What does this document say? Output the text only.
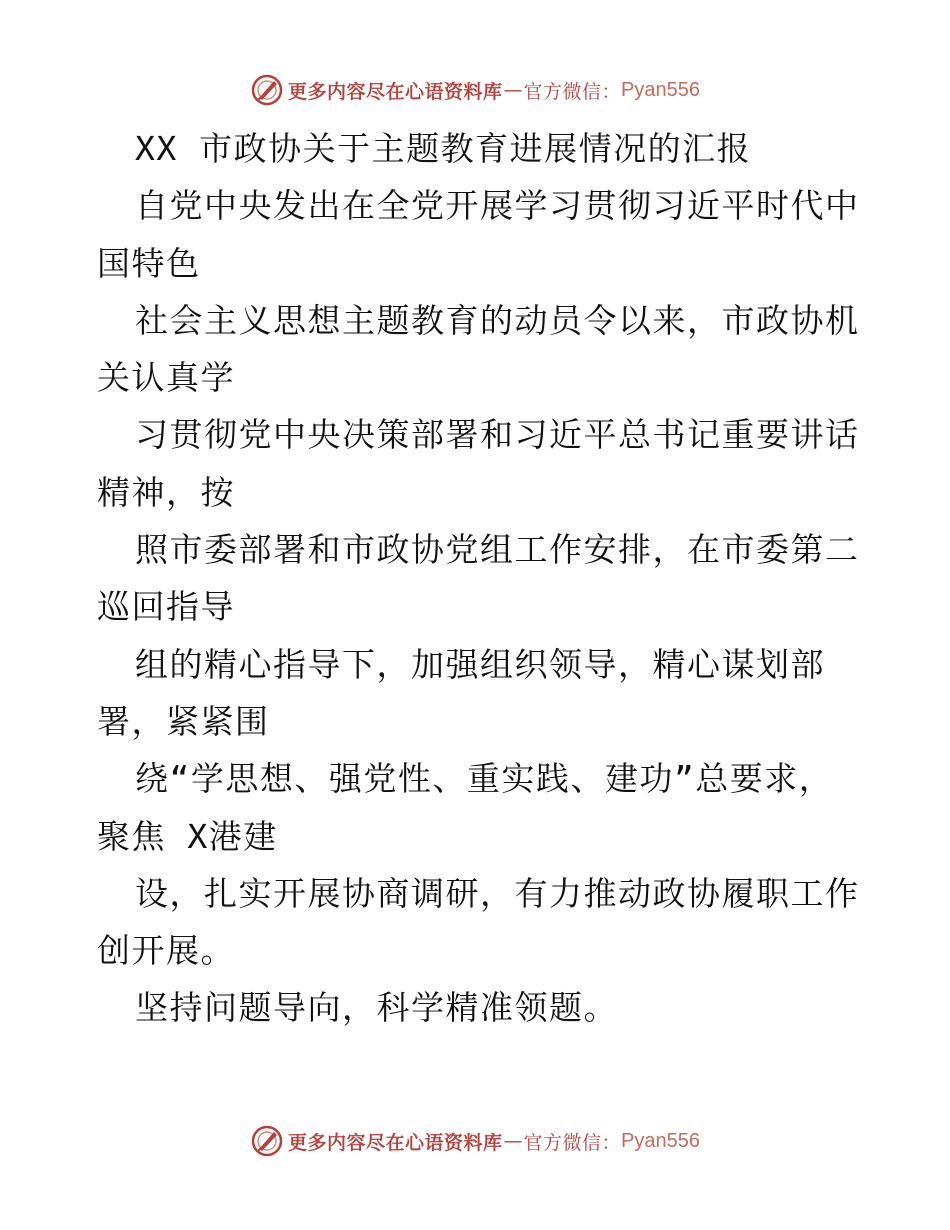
更多内容尽在心语资料库 — 官方微信： Pyan556
XX 市政协关于主题教育进展情况的汇报
自党中央发出在全党开展学习贯彻习近平时代中
国特色
社会主义思想主题教育的动员令以来，市政协机
关认真学
习贯彻党中央决策部署和习近平总书记重要讲话
精神，按
照市委部署和市政协党组工作安排，在市委第二
巡回指导
组的精心指导下，加强组织领导，精心谋划部
署，紧紧围
绕“学思想、强党性、重实践、建功”总要求，
聚焦 X港建
设，扎实开展协商调研，有力推动政协履职工作
创开展。
坚持问题导向，科学精准领题。
更多内容尽在心语资料库 — 官方微信： Pyan556
